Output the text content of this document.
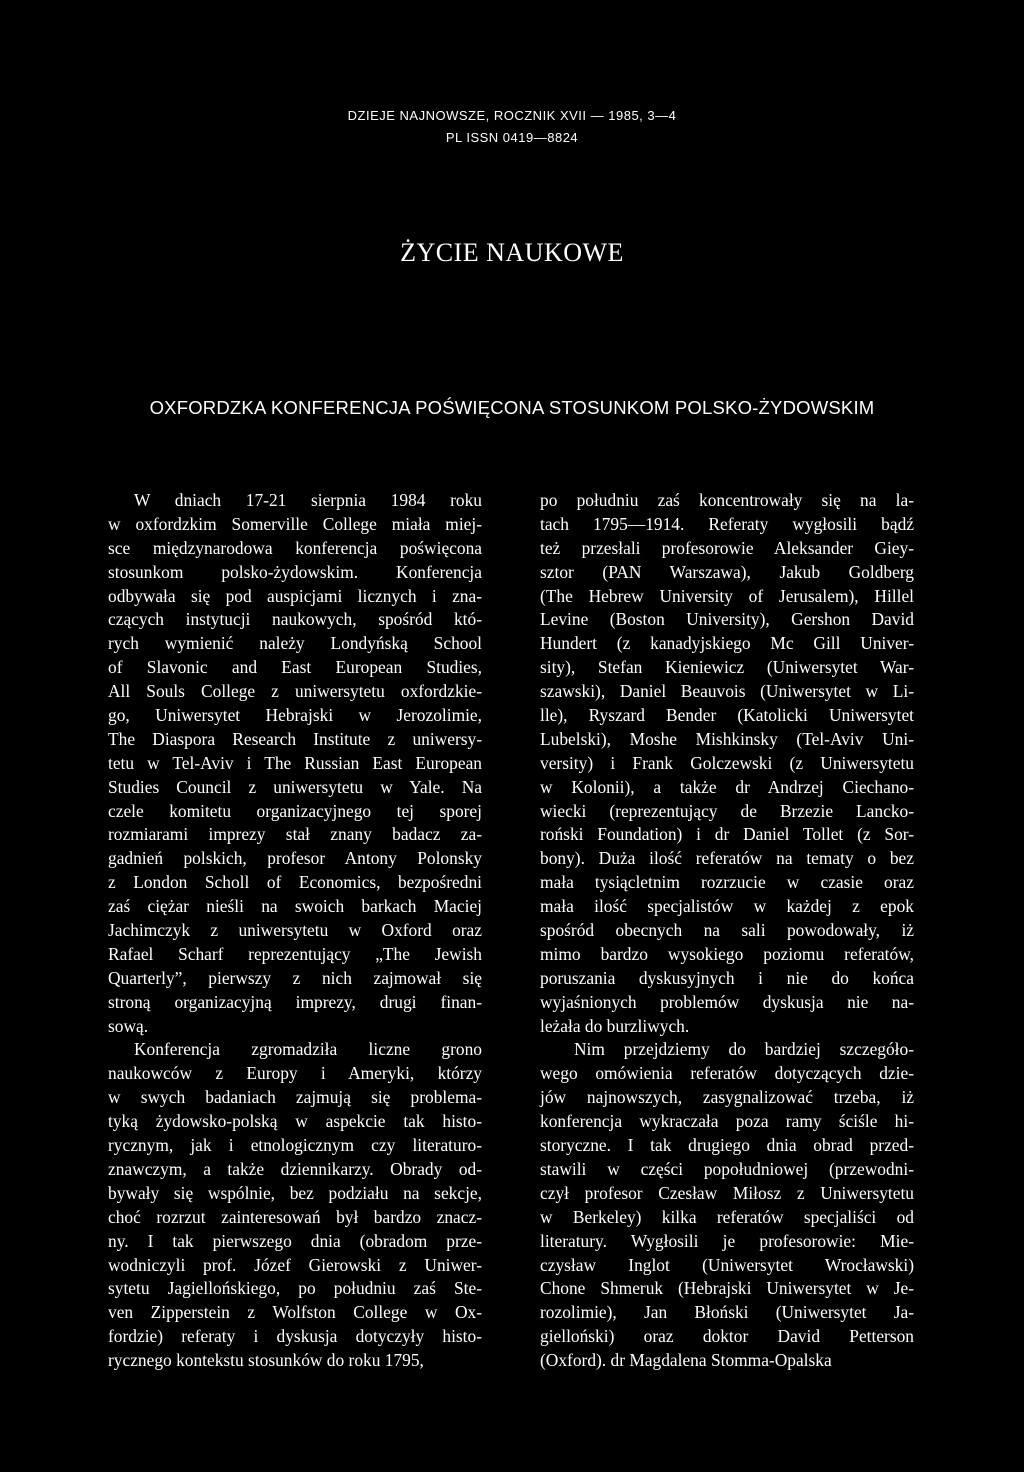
DZIEJE NAJNOWSZE, ROCZNIK XVII — 1985, 3—4
PL ISSN 0419—8824
ŻYCIE NAUKOWE
OXFORDZKA KONFERENCJA POŚWIĘCONA STOSUNKOM POLSKO-ŻYDOWSKIM
W dniach 17-21 sierpnia 1984 roku
w oxfordzkim Somerville College miała miej-
sce międzynarodowa konferencja poświęcona
stosunkom polsko-żydowskim. Konferencja
odbywała się pod auspicjami licznych i zna-
czących instytucji naukowych, spośród któ-
rych wymienić należy Londyńską School
of Slavonic and East European Studies,
All Souls College z uniwersytetu oxfordzkie-
go, Uniwersytet Hebrajski w Jerozolimie,
The Diaspora Research Institute z uniwersy-
tetu w Tel-Aviv i The Russian East European
Studies Council z uniwersytetu w Yale. Na
czele komitetu organizacyjnego tej sporej
rozmiarami imprezy stał znany badacz za-
gadnień polskich, profesor Antony Polonsky
z London Scholl of Economics, bezpośredni
zaś ciężar nieśli na swoich barkach Maciej
Jachimczyk z uniwersytetu w Oxford oraz
Rafael Scharf reprezentujący „The Jewish
Quarterly”, pierwszy z nich zajmował się
stroną organizacyjną imprezy, drugi finan-
sową.
Konferencja zgromadziła liczne grono
naukowców z Europy i Ameryki, którzy
w swych badaniach zajmują się problema-
tyką żydowsko-polską w aspekcie tak histo-
rycznym, jak i etnologicznym czy literaturo-
znawczym, a także dziennikarzy. Obrady od-
bywały się wspólnie, bez podziału na sekcje,
choć rozrzut zainteresowań był bardzo znacz-
ny. I tak pierwszego dnia (obradom prze-
wodniczyli prof. Józef Gierowski z Uniwer-
sytetu Jagiellońskiego, po południu zaś Ste-
ven Zipperstein z Wolfston College w Ox-
fordzie) referaty i dyskusja dotyczyły histo-
rycznego kontekstu stosunków do roku 1795,
po południu zaś koncentrowały się na la-
tach 1795—1914. Referaty wygłosili bądź
też przesłali profesorowie Aleksander Giey-
sztor (PAN Warszawa), Jakub Goldberg
(The Hebrew University of Jerusalem), Hillel
Levine (Boston University), Gershon David
Hundert (z kanadyjskiego Mc Gill Univer-
sity), Stefan Kieniewicz (Uniwersytet War-
szawski), Daniel Beauvois (Uniwersytet w Li-
lle), Ryszard Bender (Katolicki Uniwersytet
Lubelski), Moshe Mishkinsky (Tel-Aviv Uni-
versity) i Frank Golczewski (z Uniwersytetu
w Kolonii), a także dr Andrzej Ciechano-
wiecki (reprezentujący de Brzezie Lancko-
roński Foundation) i dr Daniel Tollet (z Sor-
bony). Duża ilość referatów na tematy o bez
mała tysiącletnim rozrzucie w czasie oraz
mała ilość specjalistów w każdej z epok
spośród obecnych na sali powodowały, iż
mimo bardzo wysokiego poziomu referatów,
poruszania dyskusyjnych i nie do końca
wyjaśnionych problemów dyskusja nie na-
leżała do burzliwych.
Nim przejdziemy do bardziej szczegóło-
wego omówienia referatów dotyczących dzie-
jów najnowszych, zasygnalizować trzeba, iż
konferencja wykraczała poza ramy ściśle hi-
storyczne. I tak drugiego dnia obrad przed-
stawili w części popołudniowej (przewodni-
czył profesor Czesław Miłosz z Uniwersytetu
w Berkeley) kilka referatów specjaliści od
literatury. Wygłosili je profesorowie: Mie-
czysław Inglot (Uniwersytet Wrocławski)
Chone Shmeruk (Hebrajski Uniwersytet w Je-
rozolimie), Jan Błoński (Uniwersytet Ja-
gielloński) oraz doktor David Petterson
(Oxford). dr Magdalena Stomma-Opalska
